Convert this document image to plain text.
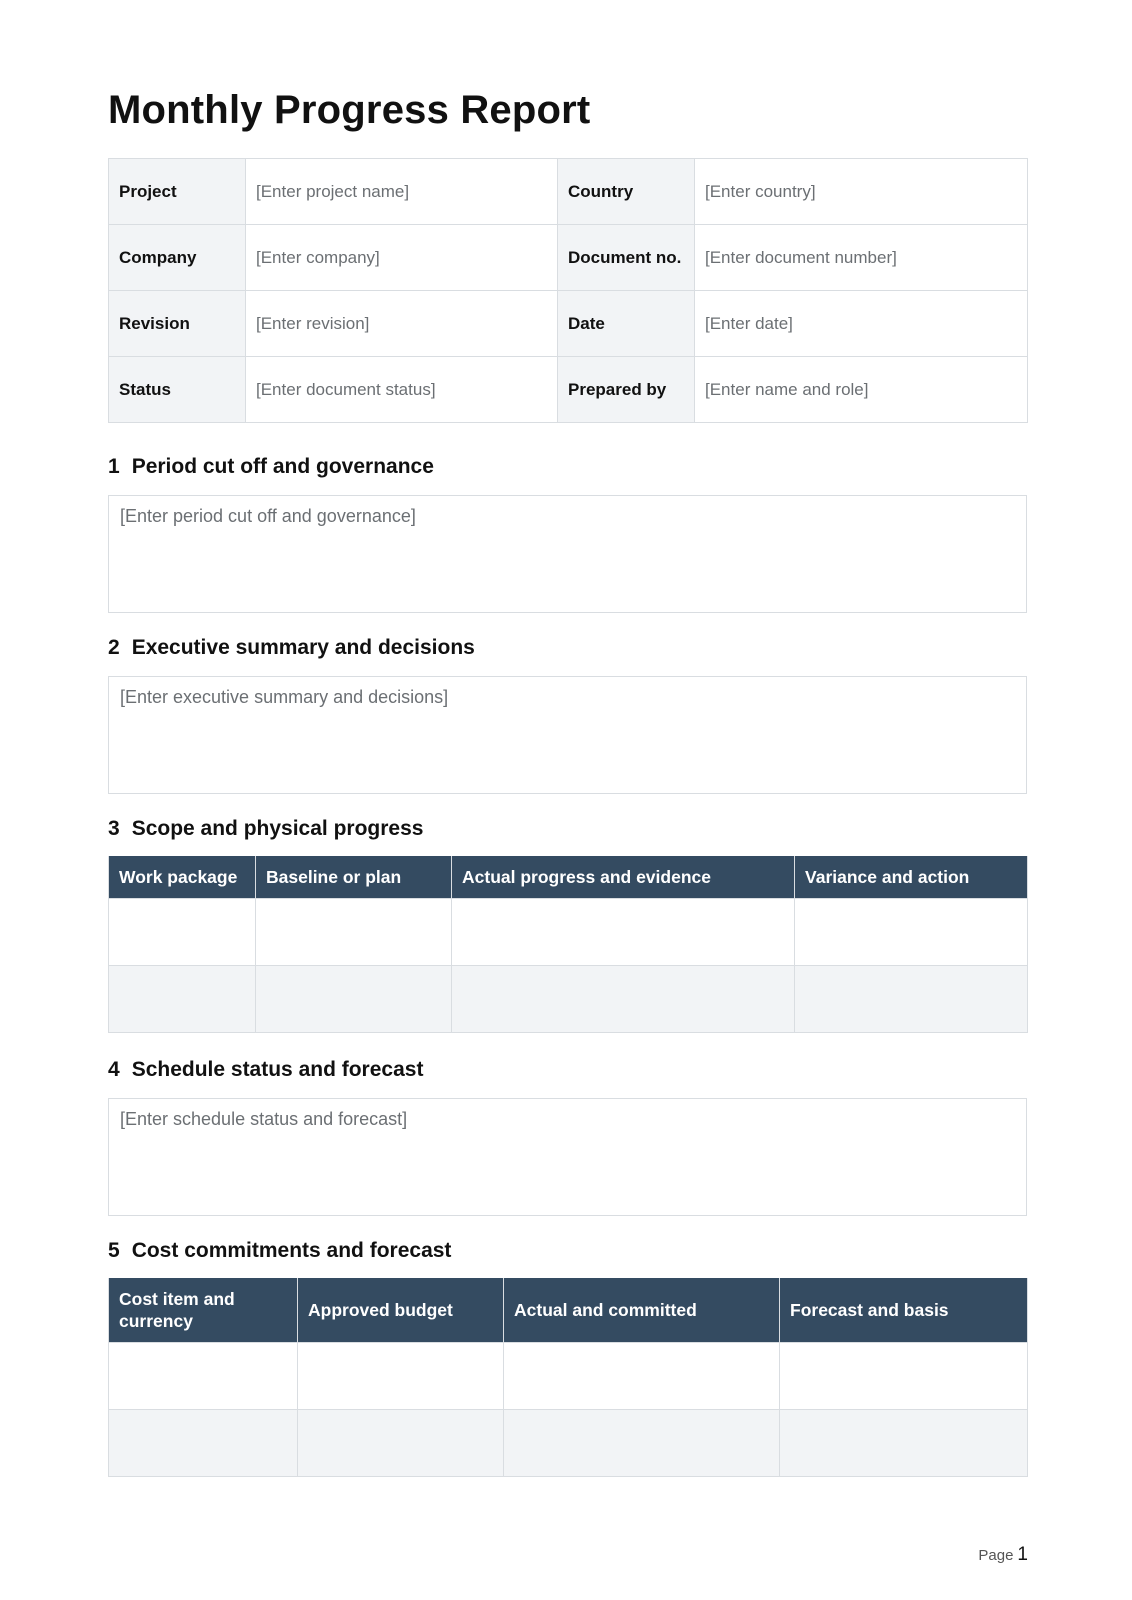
Monthly Progress Report
Project	[Enter project name]	Country	[Enter country]
Company	[Enter company]	Document no.	[Enter document number]
Revision	[Enter revision]	Date	[Enter date]
Status	[Enter document status]	Prepared by	[Enter name and role]
1 Period cut off and governance
[Enter period cut off and governance]
2 Executive summary and decisions
[Enter executive summary and decisions]
3 Scope and physical progress
Work package	Baseline or plan	Actual progress and evidence	Variance and action

4 Schedule status and forecast
[Enter schedule status and forecast]
5 Cost commitments and forecast
Cost item and currency	Approved budget	Actual and committed	Forecast and basis

Page 1
